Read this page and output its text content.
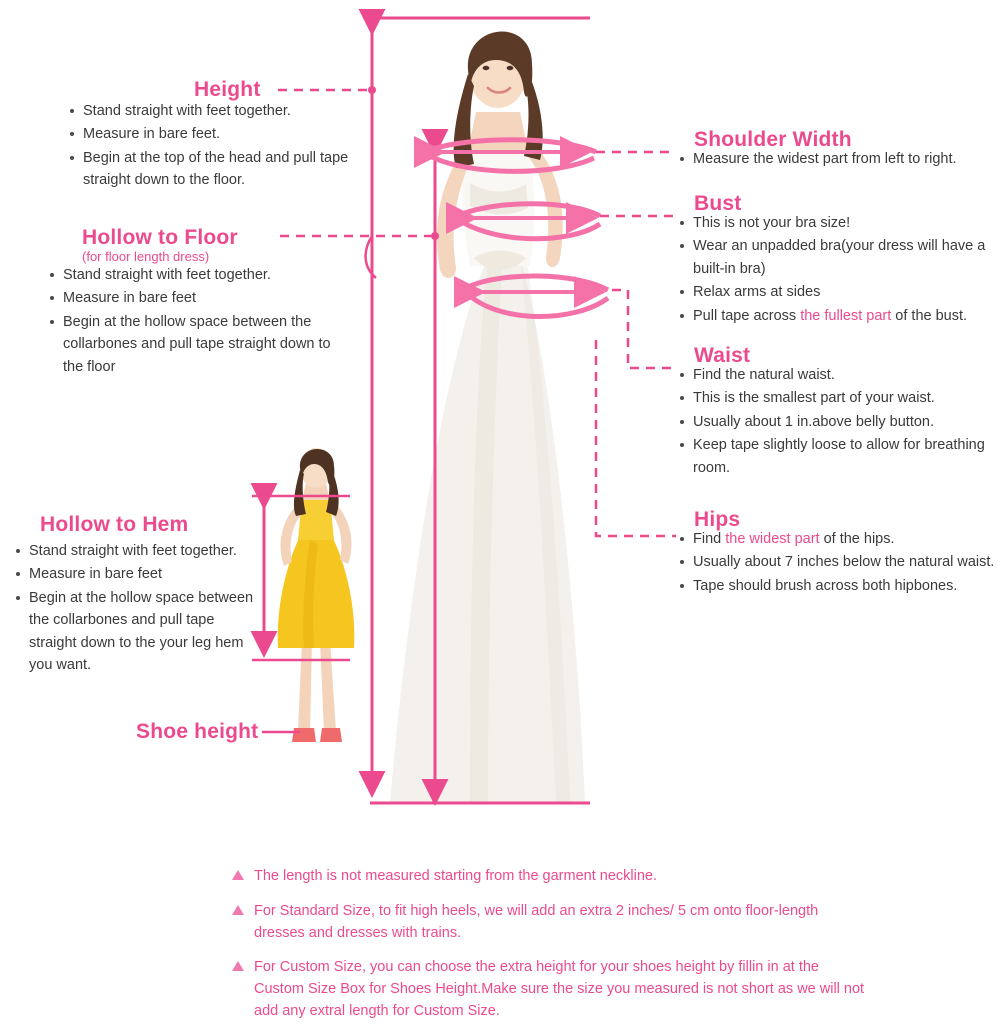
Height
Stand straight with feet together.
Measure in bare feet.
Begin at the top of the head and pull tape straight down to the floor.
Hollow to Floor
(for floor length dress)
Stand straight with feet together.
Measure in bare feet
Begin at the hollow space between the collarbones and pull tape straight down to the floor
Hollow to Hem
Stand straight with feet together.
Measure in bare feet
Begin at the hollow space between the collarbones and pull tape straight down to the your leg hem you want.
Shoe height
Shoulder Width
Measure the widest part from left to right.
Bust
This is not your bra size!
Wear an unpadded bra(your dress will have a built-in bra)
Relax arms at sides
Pull tape across the fullest part of the bust.
Waist
Find the natural waist.
This is the smallest part of your waist.
Usually about 1 in.above belly button.
Keep tape slightly loose to allow for breathing room.
Hips
Find the widest part of the hips.
Usually about 7 inches below the natural waist.
Tape should brush across both hipbones.
The length is not measured starting from the garment neckline.
For Standard Size, to fit high heels, we will add an extra 2 inches/ 5 cm onto floor-length dresses and dresses with trains.
For Custom Size, you can choose the extra height for your shoes height by fillin in at the Custom Size Box for Shoes Height.Make sure the size you measured is not short as we will not add any extral length for Custom Size.
